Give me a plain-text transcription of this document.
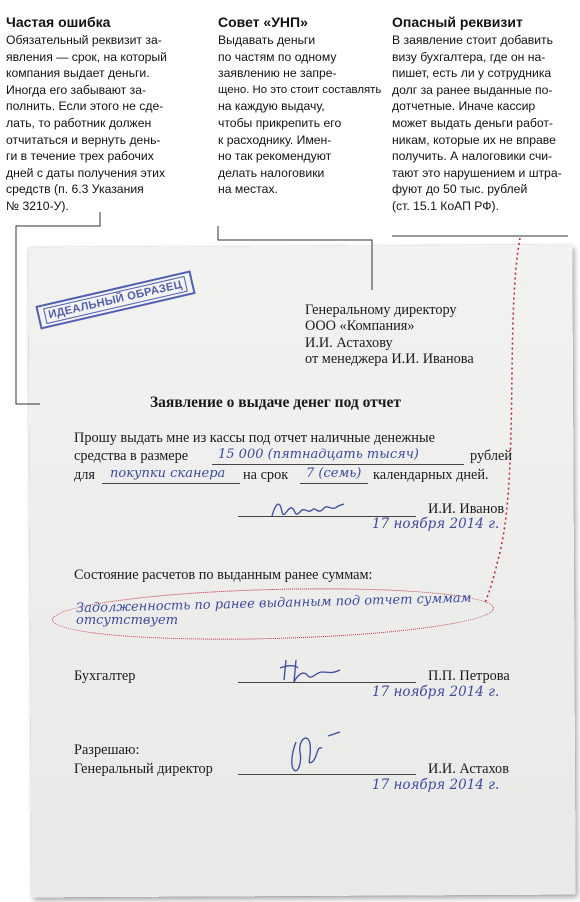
Частая ошибка

Обязательный реквизит за-

явления — срок, на который

компания выдает деньги.

Иногда его забывают за-

полнить. Если этого не сде-

лать, то работник должен

отчитаться и вернуть день-

ги в течение трех рабочих

дней с даты получения этих

средств (п. 6.3 Указания

№ 3210-У).

Совет «УНП»

Выдавать деньги

по частям по одному

заявлению не запре-

щено. Но это стоит составлять

на каждую выдачу,

чтобы прикрепить его

к расходнику. Имен-

но так рекомендуют

делать налоговики

на местах.

Опасный реквизит

В заявление стоит добавить

визу бухгалтера, где он на-

пишет, есть ли у сотрудника

долг за ранее выданные по-

дотчетные. Иначе кассир

может выдать деньги работ-

никам, которые их не вправе

получить. А налоговики счи-

тают это нарушением и штра-

фуют до 50 тыс. рублей

(ст. 15.1 КоАП РФ).

ИДЕАЛЬНЫЙ ОБРАЗЕЦ	Генеральному директору
ООО «Компания»
И.И. Астахову
от менеджера И.И. Иванова
Заявление о выдаче денег под отчет
Прошу выдать мне из кассы под отчет наличные денежные
средства в размере 15 000 (пятнадцать тысяч)	рублей
для покупки сканера на срок 7 (семь) календарных дней.
И.И. Иванов
17 ноября 2014 г.
Состояние расчетов по выданным ранее суммам:
Задолженность по ранее выданным под отчет суммам
отсутствует
Бухгалтер	П.П. Петрова
17 ноября 2014 г.
Разрешаю:
Генеральный директор	И.И. Астахов
17 ноября 2014 г.
